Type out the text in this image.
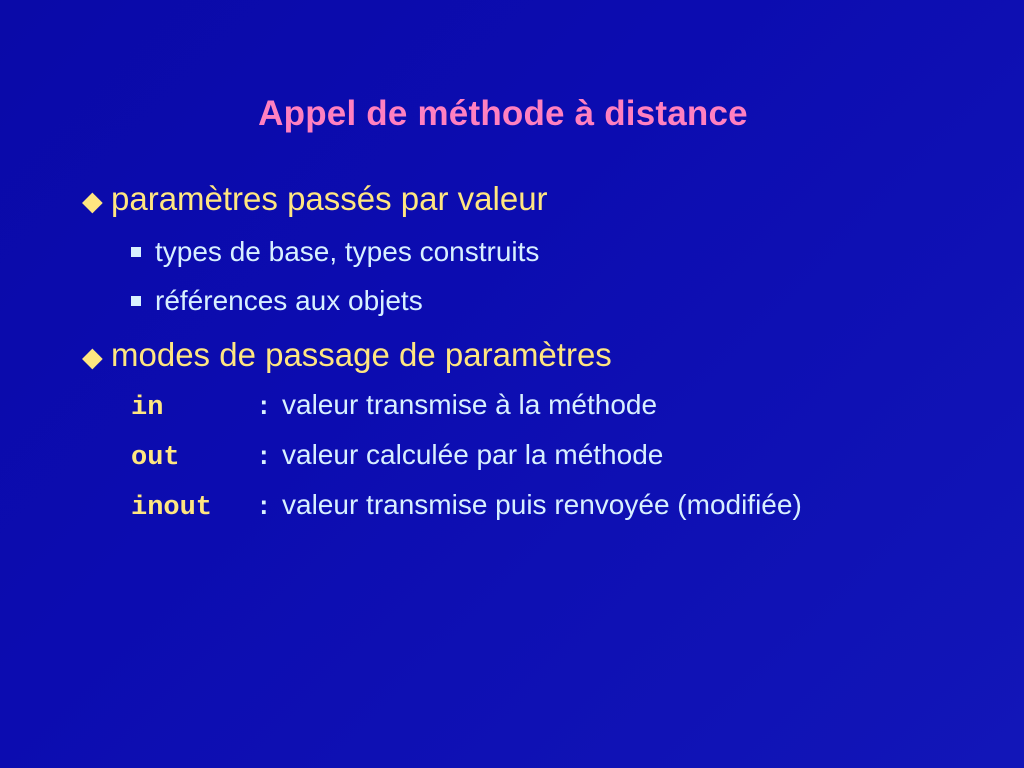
Appel de méthode à distance
◆ paramètres passés par valeur
types de base, types construits
références aux objets
◆ modes de passage de paramètres
in	: valeur transmise à la méthode
out	: valeur calculée par la méthode
inout : valeur transmise puis renvoyée (modifiée)
